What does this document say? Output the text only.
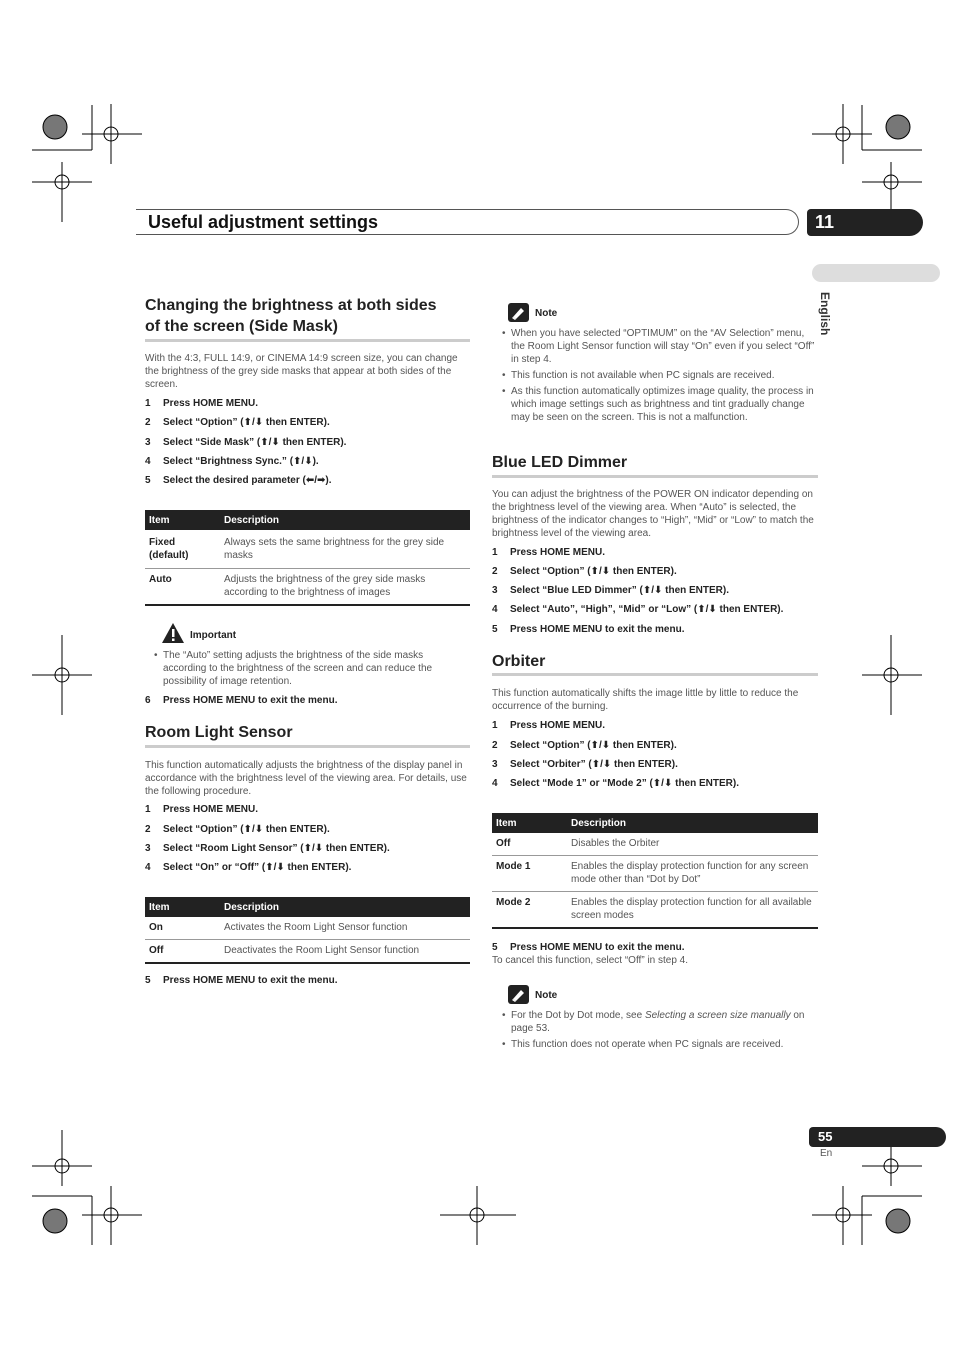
Useful adjustment settings	11
English
Changing the brightness at both sides
of the screen (Side Mask)

With the 4:3, FULL 14:9, or CINEMA 14:9 screen size, you can change the brightness of the grey side masks that appear at both sides of the screen.

1 Press HOME MENU.
2 Select “Option” (⬆/⬇ then ENTER).
3 Select “Side Mask” (⬆/⬇ then ENTER).
4 Select “Brightness Sync.” (⬆/⬇).
5 Select the desired parameter (⬅/➡).
Item	Description
Fixed (default)	Always sets the same brightness for the grey side masks
Auto	Adjusts the brightness of the grey side masks according to the brightness of images
Important
• The “Auto” setting adjusts the brightness of the side masks according to the brightness of the screen and can reduce the possibility of image retention.
6 Press HOME MENU to exit the menu.
Room Light Sensor

This function automatically adjusts the brightness of the display panel in accordance with the brightness level of the viewing area. For details, use the following procedure.

1 Press HOME MENU.
2 Select “Option” (⬆/⬇ then ENTER).
3 Select “Room Light Sensor” (⬆/⬇ then ENTER).
4 Select “On” or “Off” (⬆/⬇ then ENTER).
Item	Description
On	Activates the Room Light Sensor function
Off	Deactivates the Room Light Sensor function
5 Press HOME MENU to exit the menu.
Note
• When you have selected “OPTIMUM” on the “AV Selection” menu, the Room Light Sensor function will stay “On” even if you select “Off” in step 4.
• This function is not available when PC signals are received.
• As this function automatically optimizes image quality, the process in which image settings such as brightness and tint gradually change may be seen on the screen. This is not a malfunction.
Blue LED Dimmer

You can adjust the brightness of the POWER ON indicator depending on the brightness level of the viewing area. When “Auto” is selected, the brightness of the indicator changes to “High”, “Mid” or “Low” to match the brightness level of the viewing area.

1 Press HOME MENU.
2 Select “Option” (⬆/⬇ then ENTER).
3 Select “Blue LED Dimmer” (⬆/⬇ then ENTER).
4 Select “Auto”, “High”, “Mid” or “Low” (⬆/⬇ then ENTER).
5 Press HOME MENU to exit the menu.
Orbiter

This function automatically shifts the image little by little to reduce the occurrence of the burning.

1 Press HOME MENU.
2 Select “Option” (⬆/⬇ then ENTER).
3 Select “Orbiter” (⬆/⬇ then ENTER).
4 Select “Mode 1” or “Mode 2” (⬆/⬇ then ENTER).
Item	Description
Off	Disables the Orbiter
Mode 1	Enables the display protection function for any screen mode other than “Dot by Dot”
Mode 2	Enables the display protection function for all available screen modes
5 Press HOME MENU to exit the menu.
To cancel this function, select “Off” in step 4.
Note
• For the Dot by Dot mode, see Selecting a screen size manually on page 53.
• This function does not operate when PC signals are received.
55
En
